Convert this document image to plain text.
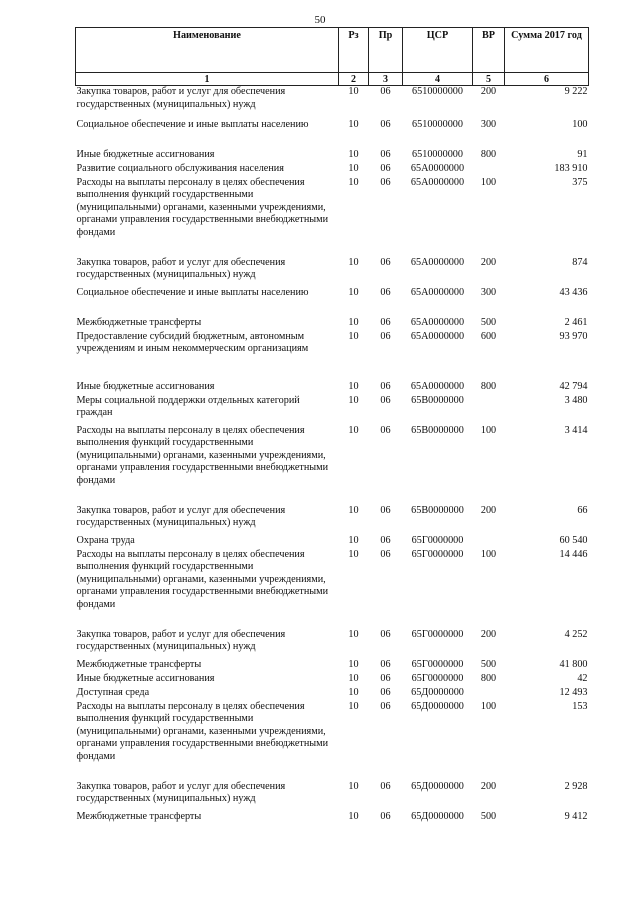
50
Наименование	Рз	Пр	ЦСР	ВР	Сумма 2017 год
1	2	3	4	5	6
Закупка товаров, работ и услуг для обеспечения государственных (муниципальных) нужд	10	06	6510000000	200	9 222
Социальное обеспечение и иные выплаты населению	10	06	6510000000	300	100
Иные бюджетные ассигнования	10	06	6510000000	800	91
Развитие социального обслуживания населения	10	06	65А0000000		183 910
Расходы на выплаты персоналу в целях обеспечения выполнения функций государственными (муниципальными) органами, казенными учреждениями, органами управления государственными внебюджетными фондами	10	06	65А0000000	100	375
Закупка товаров, работ и услуг для обеспечения государственных (муниципальных) нужд	10	06	65А0000000	200	874
Социальное обеспечение и иные выплаты населению	10	06	65А0000000	300	43 436
Межбюджетные трансферты	10	06	65А0000000	500	2 461
Предоставление субсидий бюджетным, автономным учреждениям и иным некоммерческим организациям	10	06	65А0000000	600	93 970
Иные бюджетные ассигнования	10	06	65А0000000	800	42 794
Меры социальной поддержки отдельных категорий граждан	10	06	65В0000000		3 480
Расходы на выплаты персоналу в целях обеспечения выполнения функций государственными (муниципальными) органами, казенными учреждениями, органами управления государственными внебюджетными фондами	10	06	65В0000000	100	3 414
Закупка товаров, работ и услуг для обеспечения государственных (муниципальных) нужд	10	06	65В0000000	200	66
Охрана труда	10	06	65Г0000000		60 540
Расходы на выплаты персоналу в целях обеспечения выполнения функций государственными (муниципальными) органами, казенными учреждениями, органами управления государственными внебюджетными фондами	10	06	65Г0000000	100	14 446
Закупка товаров, работ и услуг для обеспечения государственных (муниципальных) нужд	10	06	65Г0000000	200	4 252
Межбюджетные трансферты	10	06	65Г0000000	500	41 800
Иные бюджетные ассигнования	10	06	65Г0000000	800	42
Доступная среда	10	06	65Д0000000		12 493
Расходы на выплаты персоналу в целях обеспечения выполнения функций государственными (муниципальными) органами, казенными учреждениями, органами управления государственными внебюджетными фондами	10	06	65Д0000000	100	153
Закупка товаров, работ и услуг для обеспечения государственных (муниципальных) нужд	10	06	65Д0000000	200	2 928
Межбюджетные трансферты	10	06	65Д0000000	500	9 412
